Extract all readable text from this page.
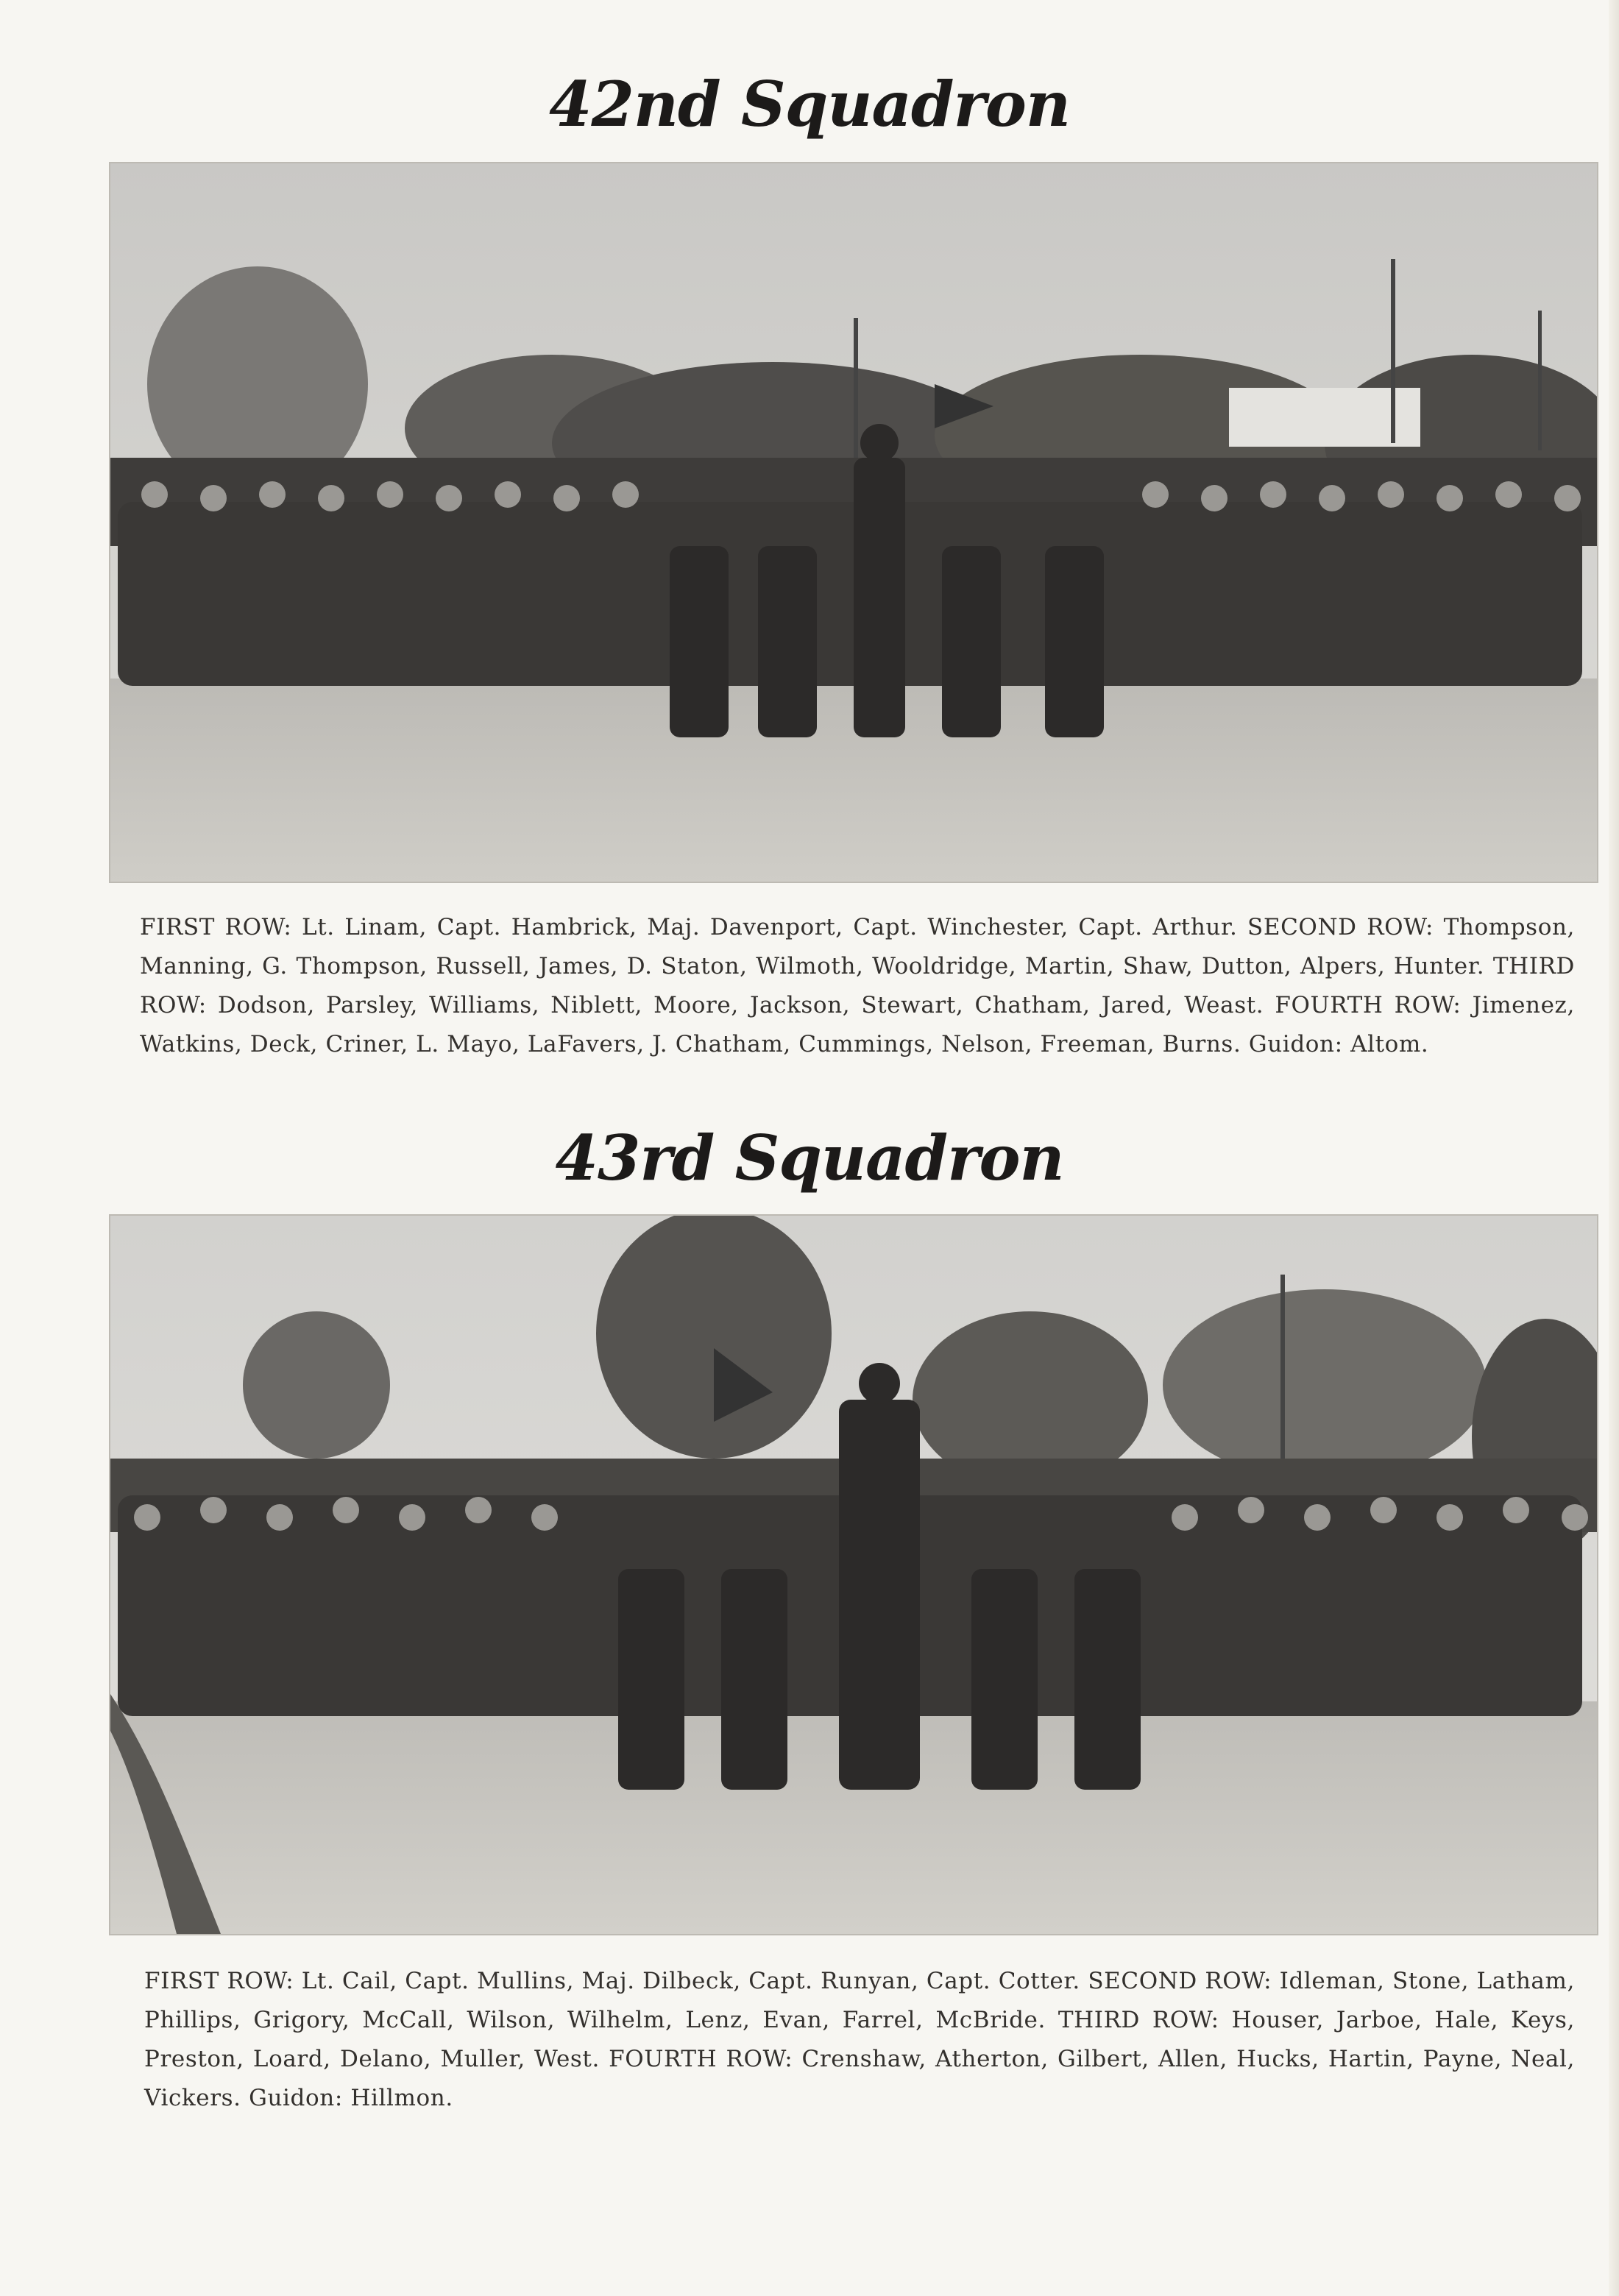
42nd Squadron
FIRST ROW: Lt. Linam, Capt. Hambrick, Maj. Davenport, Capt. Winchester, Capt. Arthur. SECOND ROW: Thompson, Manning, G. Thompson, Russell, James, D. Staton, Wilmoth, Wooldridge, Martin, Shaw, Dutton, Alpers, Hunter. THIRD ROW: Dodson, Parsley, Williams, Niblett, Moore, Jackson, Stewart, Chatham, Jared, Weast. FOURTH ROW: Jimenez, Watkins, Deck, Criner, L. Mayo, LaFavers, J. Chatham, Cummings, Nelson, Freeman, Burns. Guidon: Altom.
43rd Squadron
FIRST ROW: Lt. Cail, Capt. Mullins, Maj. Dilbeck, Capt. Runyan, Capt. Cotter. SECOND ROW: Idleman, Stone, Latham, Phillips, Grigory, McCall, Wilson, Wilhelm, Lenz, Evan, Farrel, McBride. THIRD ROW: Houser, Jarboe, Hale, Keys, Preston, Loard, Delano, Muller, West. FOURTH ROW: Crenshaw, Atherton, Gilbert, Allen, Hucks, Hartin, Payne, Neal, Vickers. Guidon: Hillmon.
